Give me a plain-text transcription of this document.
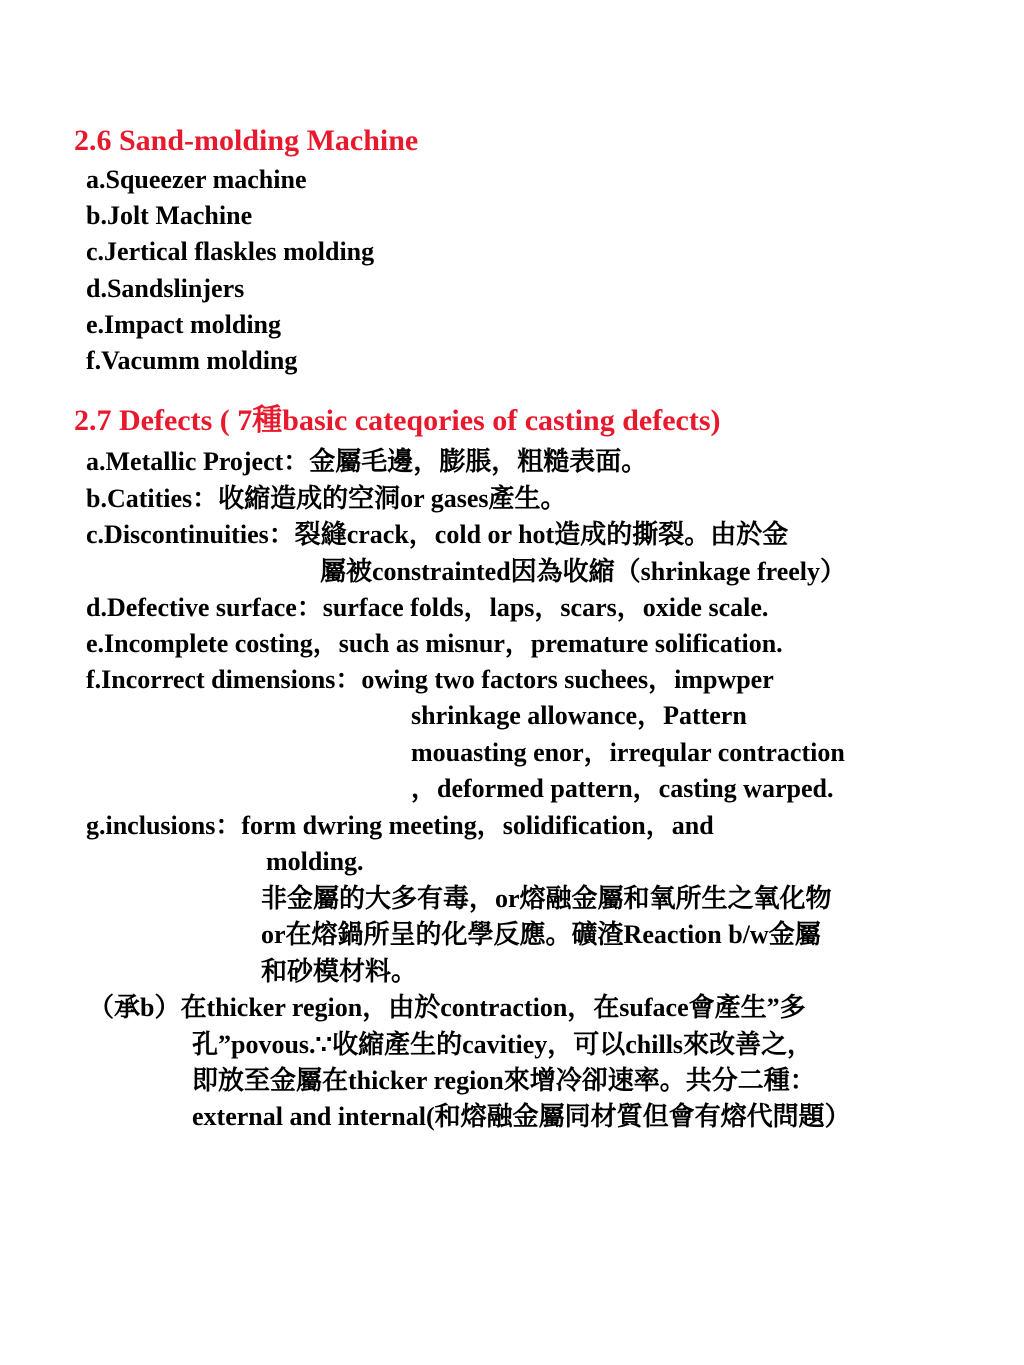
2.6 Sand-molding Machine
a.Squeezer machine
b.Jolt Machine
c.Jertical flaskles molding
d.Sandslinjers
e.Impact molding
f.Vacumm molding
2.7 Defects ( 7種basic cateqories of casting defects)
a.Metallic Project：金屬毛邊，膨脹，粗糙表面。
b.Catities：收縮造成的空洞or gases產生。
c.Discontinuities：裂縫crack，cold or hot造成的撕裂。由於金
屬被constrainted因為收縮（shrinkage freely）
d.Defective surface：surface folds，laps，scars，oxide scale.
e.Incomplete costing，such as misnur，premature solification.
f.Incorrect dimensions：owing two factors suchees，impwper
shrinkage allowance，Pattern
mouasting enor，irreqular contraction
，deformed pattern，casting warped.
g.inclusions：form dwring meeting，solidification，and
molding.
非金屬的大多有毒，or熔融金屬和氧所生之氧化物
or在熔鍋所呈的化學反應。礦渣Reaction b/w金屬
和砂模材料。
（承b）在thicker region，由於contraction，在suface會產生”多
孔”povous.∵收縮產生的cavitiey，可以chills來改善之，
即放至金屬在thicker region來增冷卻速率。共分二種：
external and internal(和熔融金屬同材質但會有熔代問題）
